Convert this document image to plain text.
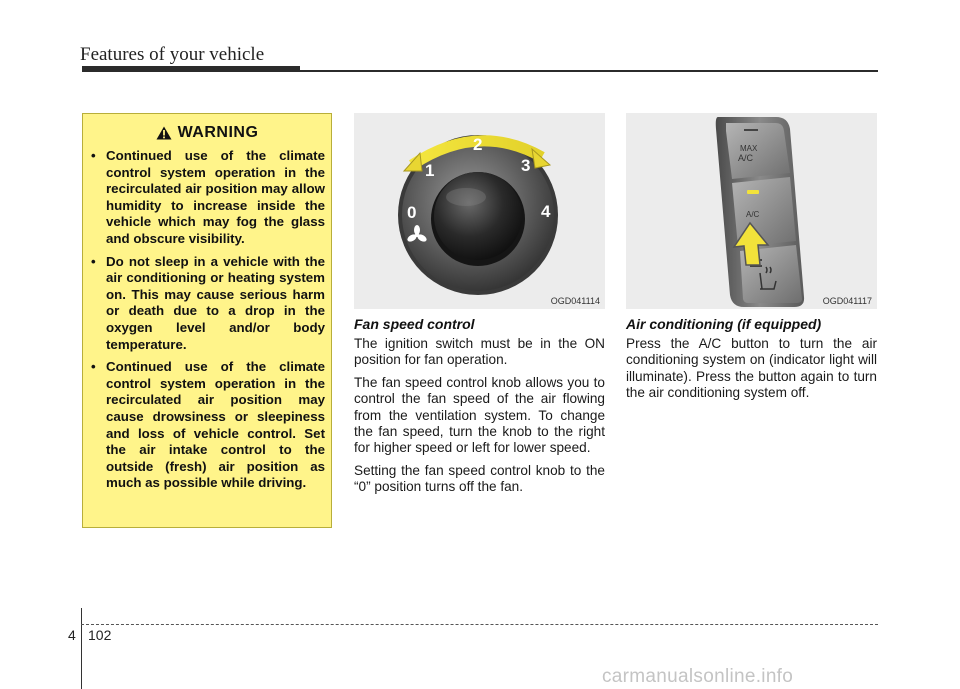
Features of your vehicle
WARNING
• Continued use of the climate control system operation in the recirculated air position may allow humidity to increase inside the vehicle which may fog the glass and obscure visibility.
• Do not sleep in a vehicle with the air conditioning or heating system on. This may cause serious harm or death due to a drop in the oxygen level and/or body temperature.
• Continued use of the climate control system operation in the recirculated air position may cause drowsiness or sleepiness and loss of vehicle control. Set the air intake control to the outside (fresh) air position as much as possible while driving.
0
1
2
3
4
OGD041114
MAX
A/C
A/C
OGD041117
Fan speed control

The ignition switch must be in the ON position for fan operation.

The fan speed control knob allows you to control the fan speed of the air flowing from the ventilation system. To change the fan speed, turn the knob to the right for higher speed or left for lower speed.

Setting the fan speed control knob to the “0” position turns off the fan.

Air conditioning (if equipped)

Press the A/C button to turn the air conditioning system on (indicator light will illuminate). Press the button again to turn the air conditioning system off.

4 102
carmanualsonline.info
